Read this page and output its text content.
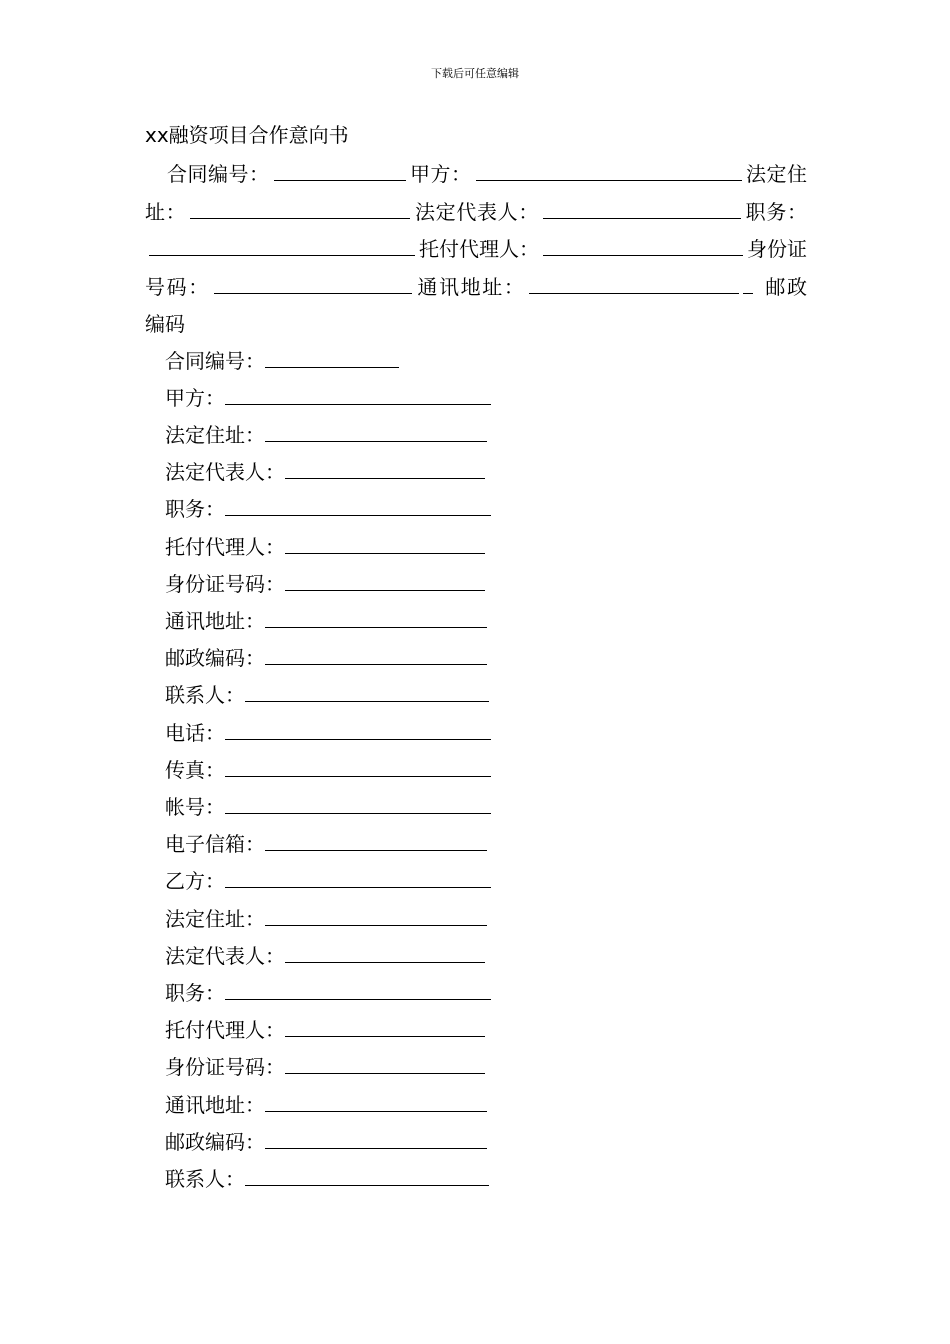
下载后可任意编辑
xx融资项目合作意向书
合同编号：	甲方：	法定住址：	法定代表人：	职务：托付代理人：	身份证号码：	通讯地址：	邮政编码
合同编号：
甲方：
法定住址：
法定代表人：
职务：
托付代理人：
身份证号码：
通讯地址：
邮政编码：
联系人：
电话：
传真：
帐号：
电子信箱：
乙方：
法定住址：
法定代表人：
职务：
托付代理人：
身份证号码：
通讯地址：
邮政编码：
联系人：
